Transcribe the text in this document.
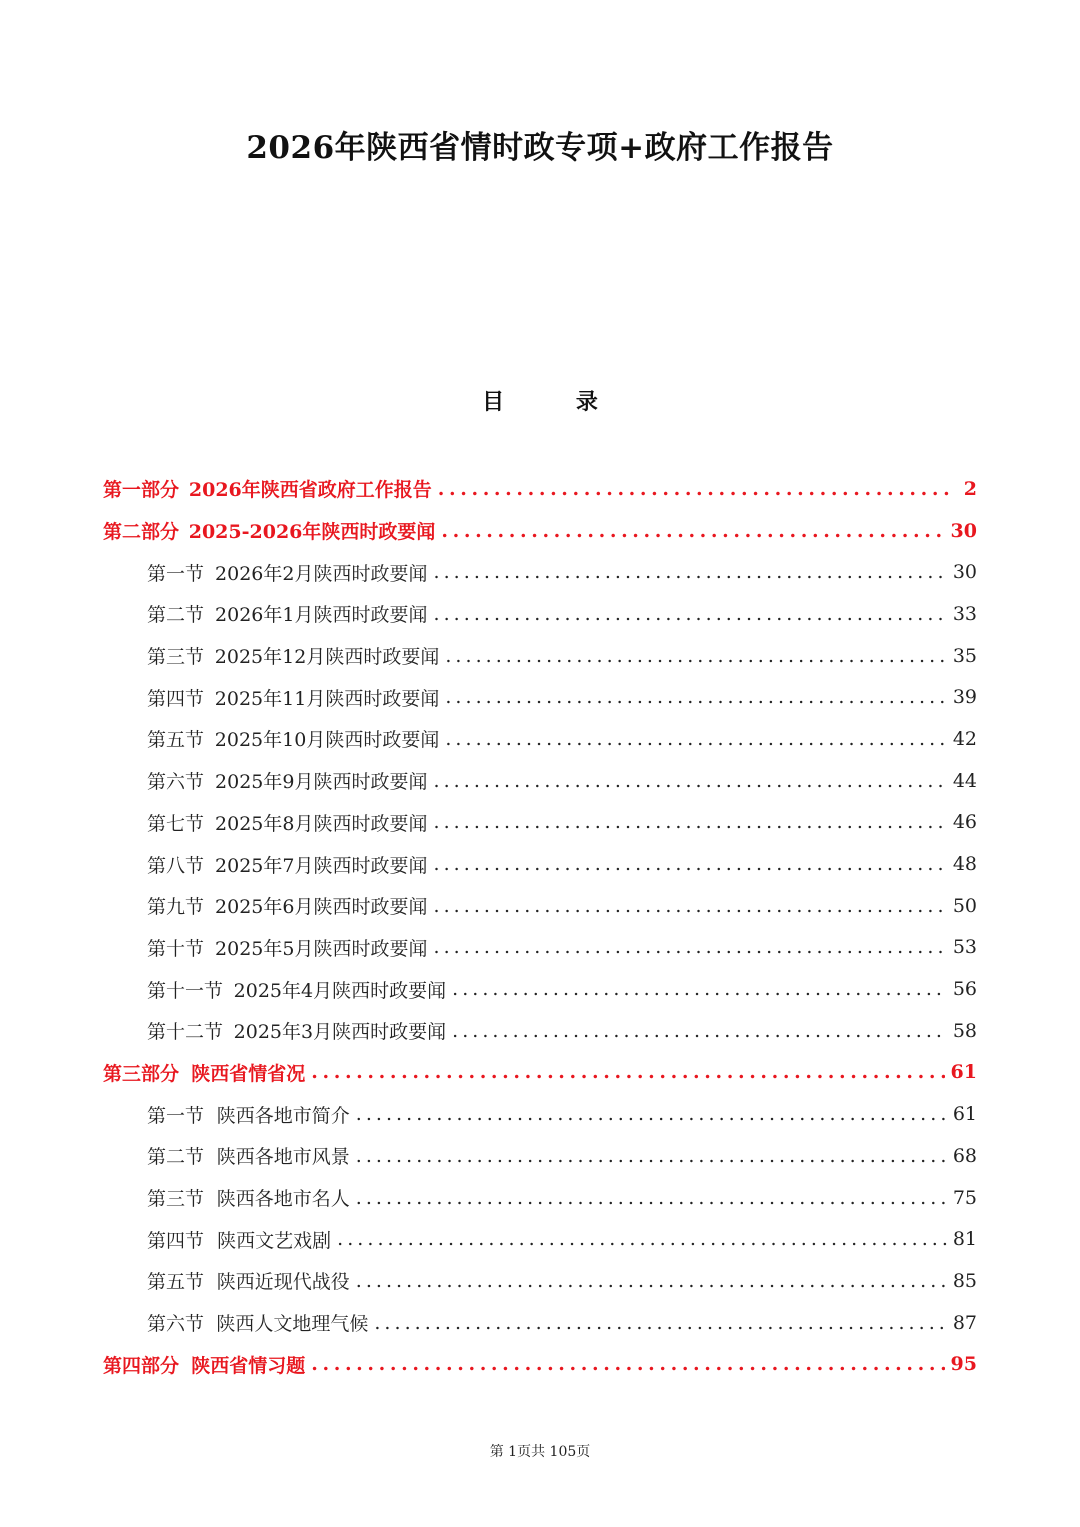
2026年陕西省情时政专项+政府工作报告
目 录
第一部分 2026年陕西省政府工作报告 . . .	2
第二部分 2025-2026年陕西时政要闻 . . .	30
第一节 2026年2月陕西时政要闻 . . .	30
第二节 2026年1月陕西时政要闻 . . .	33
第三节 2025年12月陕西时政要闻 . . .	35
第四节 2025年11月陕西时政要闻 . . .	39
第五节 2025年10月陕西时政要闻 . . .	42
第六节 2025年9月陕西时政要闻 . . .	44
第七节 2025年8月陕西时政要闻 . . .	46
第八节 2025年7月陕西时政要闻 . . .	48
第九节 2025年6月陕西时政要闻 . . .	50
第十节 2025年5月陕西时政要闻 . . .	53
第十一节 2025年4月陕西时政要闻 . . .	56
第十二节 2025年3月陕西时政要闻 . . .	58
第三部分 陕西省情省况 . . .	61
第一节 陕西各地市简介 . . .	61
第二节 陕西各地市风景 . . .	68
第三节 陕西各地市名人 . . .	75
第四节 陕西文艺戏剧 . . .	81
第五节 陕西近现代战役 . . .	85
第六节 陕西人文地理气候 . . .	87
第四部分 陕西省情习题 . . .	95
第 1页共 105页
